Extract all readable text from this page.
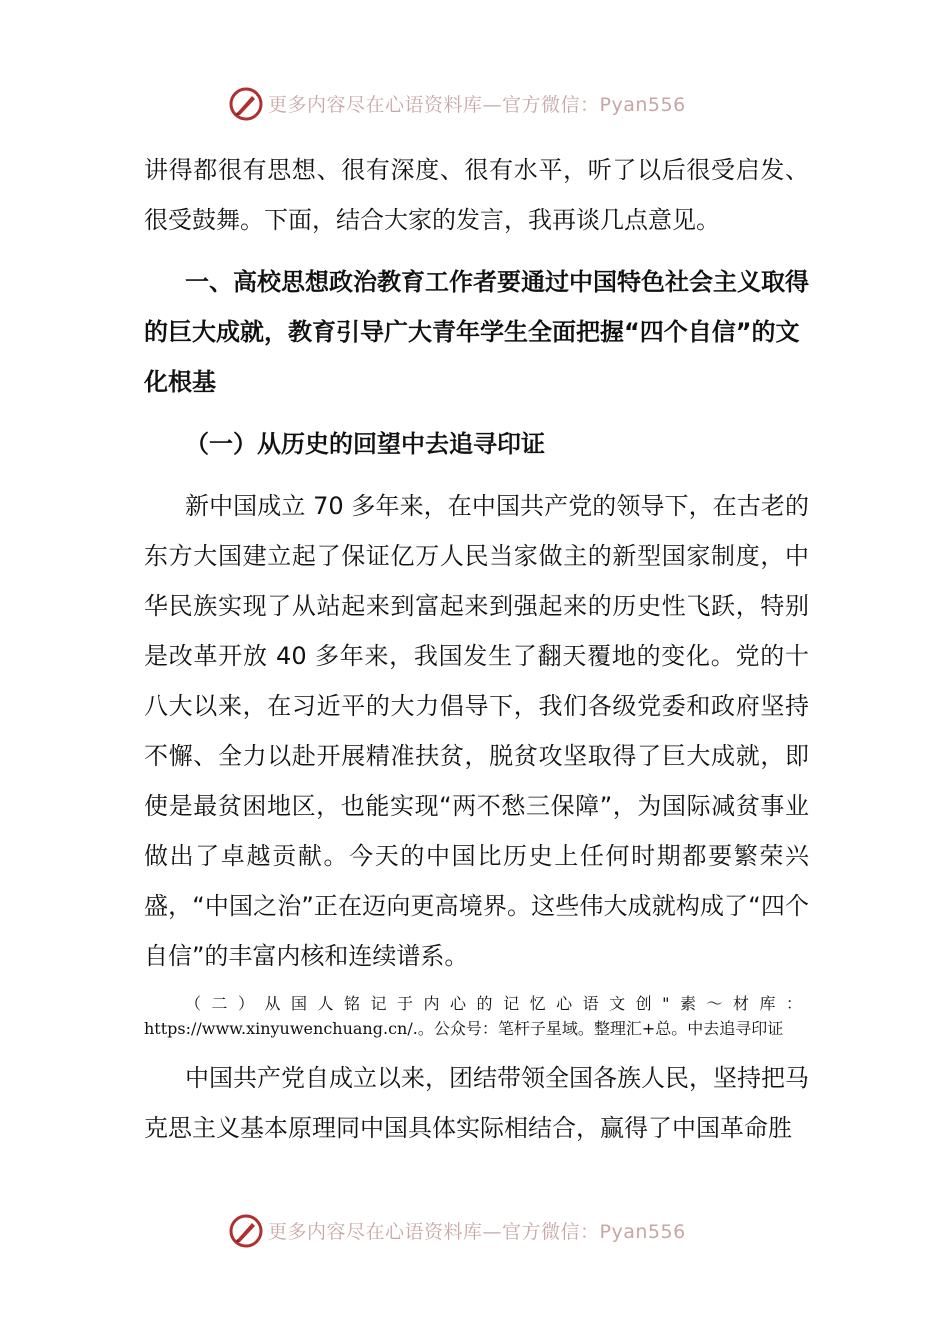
更多内容尽在心语资料库—官方微信：Pyan556

讲得都很有思想、很有深度、很有水平，听了以后很受启发、很受鼓舞。下面，结合大家的发言，我再谈几点意见。

一、高校思想政治教育工作者要通过中国特色社会主义取得的巨大成就，教育引导广大青年学生全面把握“四个自信”的文化根基

（一）从历史的回望中去追寻印证

新中国成立 70 多年来，在中国共产党的领导下，在古老的东方大国建立起了保证亿万人民当家做主的新型国家制度，中华民族实现了从站起来到富起来到强起来的历史性飞跃，特别是改革开放 40 多年来，我国发生了翻天覆地的变化。党的十八大以来，在习近平的大力倡导下，我们各级党委和政府坚持不懈、全力以赴开展精准扶贫，脱贫攻坚取得了巨大成就，即使是最贫困地区，也能实现“两不愁三保障”，为国际减贫事业做出了卓越贡献。今天的中国比历史上任何时期都要繁荣兴盛，“中国之治”正在迈向更高境界。这些伟大成就构成了“四个自信”的丰富内核和连续谱系。

（二）从国人铭记于内心的记忆心语文创"素～材库： https://www.xinyuwenchuang.cn/.。公众号：笔杆子星域。整理汇+总。中去追寻印证

中国共产党自成立以来，团结带领全国各族人民，坚持把马克思主义基本原理同中国具体实际相结合，赢得了中国革命胜

更多内容尽在心语资料库—官方微信：Pyan556
